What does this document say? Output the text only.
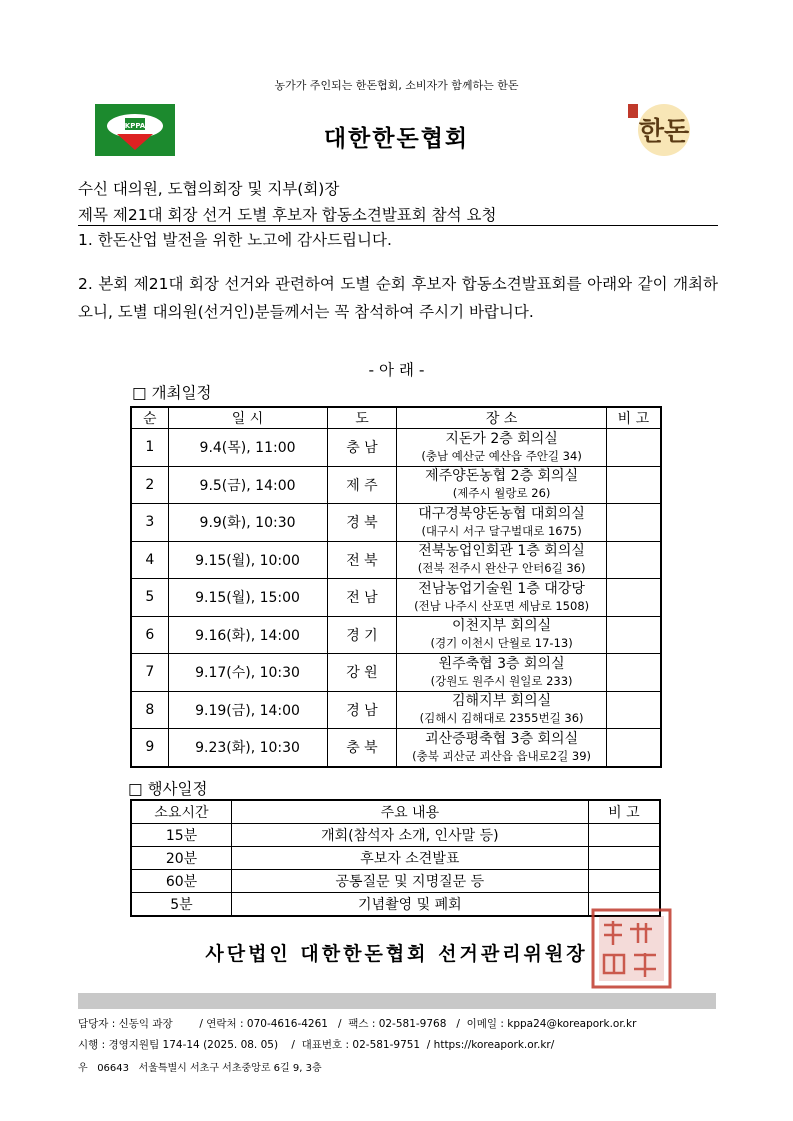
농가가 주인되는 한돈협회, 소비자가 함께하는 한돈
KPPA	대한한돈협회	한돈
수신 대의원, 도협의회장 및 지부(회)장
제목 제21대 회장 선거 도별 후보자 합동소견발표회 참석 요청
1. 한돈산업 발전을 위한 노고에 감사드립니다.
2. 본회 제21대 회장 선거와 관련하여 도별 순회 후보자 합동소견발표회를 아래와 같이 개최하오니, 도별 대의원(선거인)분들께서는 꼭 참석하여 주시기 바랍니다.
- 아 래 -
□ 개최일정
순	일 시	도	장 소	비 고
1	9.4(목), 11:00	충 남	지돈가 2층 회의실
(충남 예산군 예산읍 주안길 34)	

2	9.5(금), 14:00	제 주	제주양돈농협 2층 회의실
(제주시 월랑로 26)	

3	9.9(화), 10:30	경 북	대구경북양돈농협 대회의실
(대구시 서구 달구벌대로 1675)	

4	9.15(월), 10:00	전 북	전북농업인회관 1층 회의실
(전북 전주시 완산구 안터6길 36)	

5	9.15(월), 15:00	전 남	전남농업기술원 1층 대강당
(전남 나주시 산포면 세남로 1508)	

6	9.16(화), 14:00	경 기	이천지부 회의실
(경기 이천시 단월로 17-13)	

7	9.17(수), 10:30	강 원	원주축협 3층 회의실
(강원도 원주시 원일로 233)	

8	9.19(금), 14:00	경 남	김해지부 회의실
(김해시 김해대로 2355번길 36)	

9	9.23(화), 10:30	충 북	괴산증평축협 3층 회의실
(충북 괴산군 괴산읍 읍내로2길 39)	

□ 행사일정
소요시간	주요 내용	비 고
15분	개회(참석자 소개, 인사말 등)	
20분	후보자 소견발표	
60분	공통질문 및 지명질문 등	
5분	기념촬영 및 폐회	
사단법인 대한한돈협회 선거관리위원장
담당자 : 신동익 과장        / 연락처 : 070-4616-4261   /  팩스 : 02-581-9768   /  이메일 : kppa24@koreapork.or.kr
시행 : 경영지원팀 174-14 (2025. 08. 05)    /  대표번호 : 02-581-9751  / https://koreapork.or.kr/
우   06643   서울특별시 서초구 서초중앙로 6길 9, 3층
